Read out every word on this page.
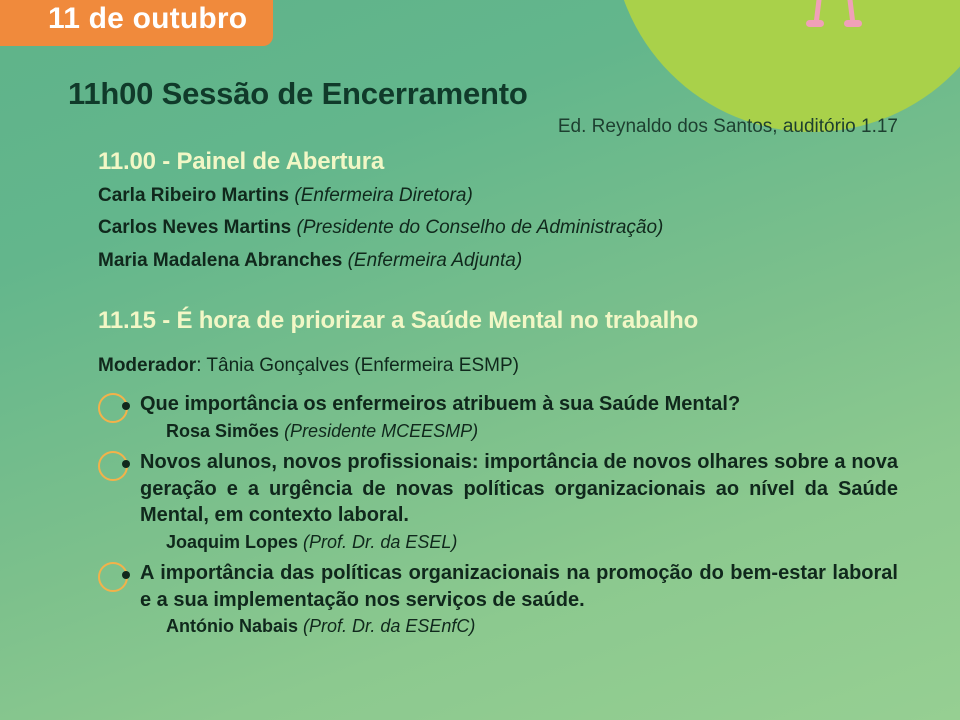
11 de outubro
11h00 Sessão de Encerramento
Ed. Reynaldo dos Santos, auditório 1.17
11.00 - Painel de Abertura
Carla Ribeiro Martins (Enfermeira Diretora)
Carlos Neves Martins (Presidente do Conselho de Administração)
Maria Madalena Abranches (Enfermeira Adjunta)
11.15 - É hora de priorizar a Saúde Mental no trabalho
Moderador: Tânia Gonçalves (Enfermeira ESMP)
Que importância os enfermeiros atribuem à sua Saúde Mental?
Rosa Simões (Presidente MCEESMP)
Novos alunos, novos profissionais: importância de novos olhares sobre a nova geração e a urgência de novas políticas organizacionais ao nível da Saúde Mental, em contexto laboral.
Joaquim Lopes (Prof. Dr. da ESEL)
A importância das políticas organizacionais na promoção do bem-estar laboral e a sua implementação nos serviços de saúde.
António Nabais (Prof. Dr. da ESEnfC)
